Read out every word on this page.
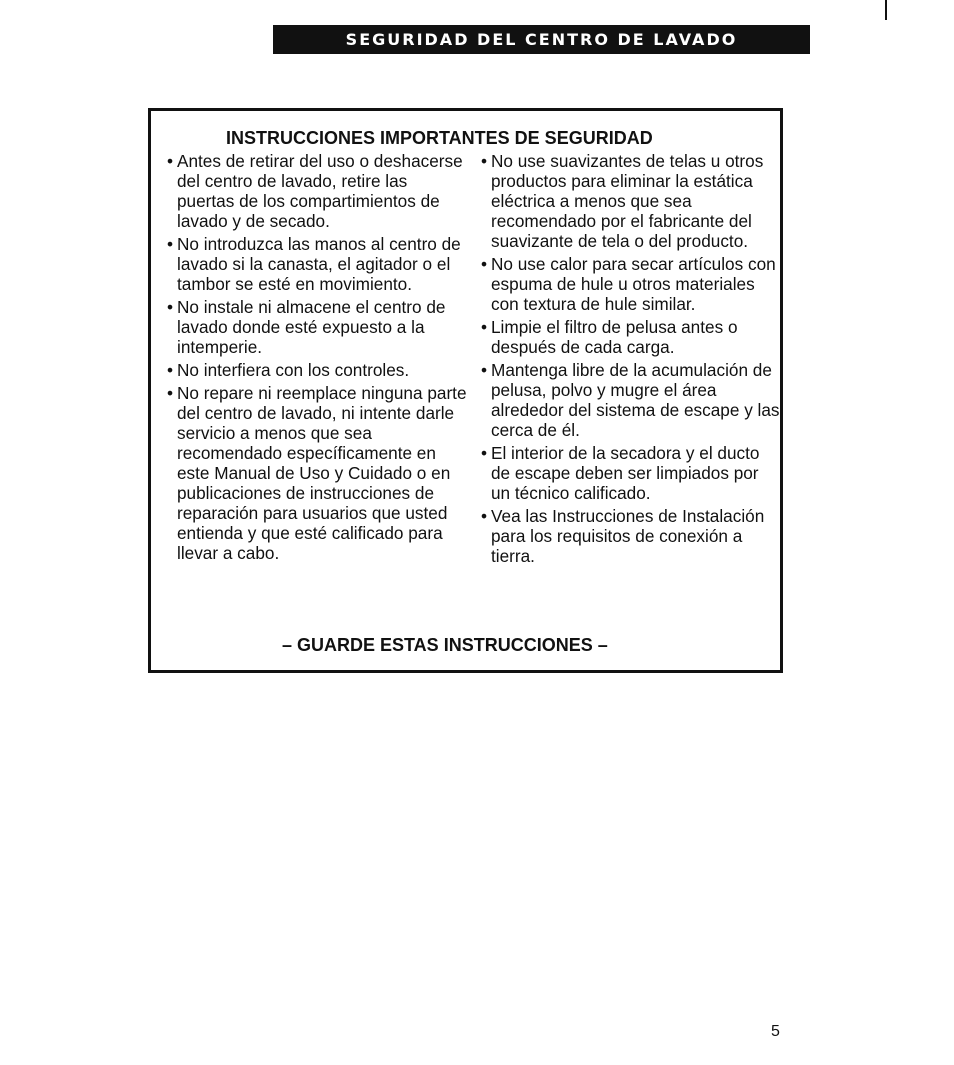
SEGURIDAD DEL CENTRO DE LAVADO
INSTRUCCIONES IMPORTANTES DE SEGURIDAD
• Antes de retirar del uso o deshacerse del centro de lavado, retire las puertas de los compartimientos de lavado y de secado.
• No introduzca las manos al centro de lavado si la canasta, el agitador o el tambor se esté en movimiento.
• No instale ni almacene el centro de lavado donde esté expuesto a la intemperie.
• No interfiera con los controles.
• No repare ni reemplace ninguna parte del centro de lavado, ni intente darle servicio a menos que sea recomendado específicamente en este Manual de Uso y Cuidado o en publicaciones de instrucciones de reparación para usuarios que usted entienda y que esté calificado para llevar a cabo.
• No use suavizantes de telas u otros productos para eliminar la estática eléctrica a menos que sea recomendado por el fabricante del suavizante de tela o del producto.
• No use calor para secar artículos con espuma de hule u otros materiales con textura de hule similar.
• Limpie el filtro de pelusa antes o después de cada carga.
• Mantenga libre de la acumulación de pelusa, polvo y mugre el área alrededor del sistema de escape y las cerca de él.
• El interior de la secadora y el ducto de escape deben ser limpiados por un técnico calificado.
• Vea las Instrucciones de Instalación para los requisitos de conexión a tierra.
– GUARDE ESTAS INSTRUCCIONES –
5
